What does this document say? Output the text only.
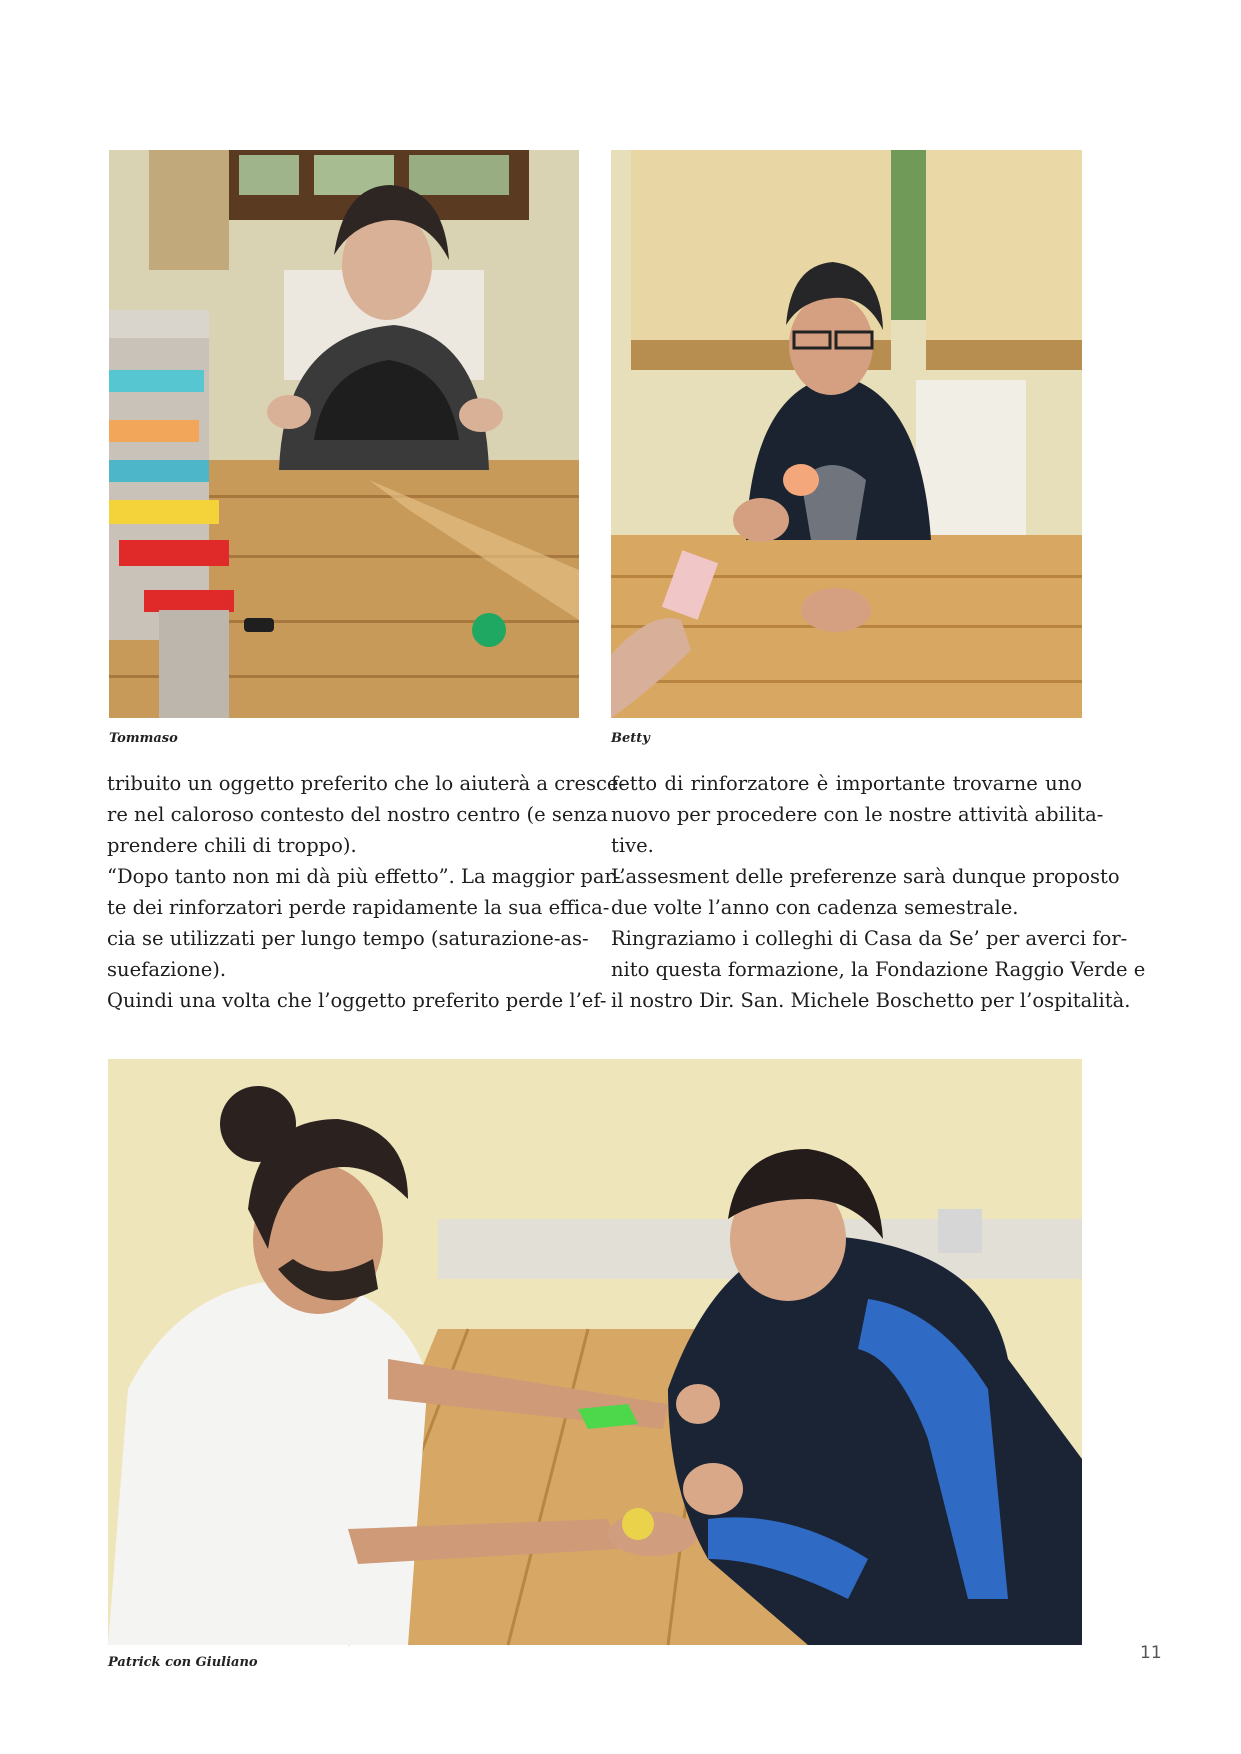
Tommaso	Betty
Patrick con Giuliano

tribuito un oggetto preferito che lo aiuterà a cresce-

re nel caloroso contesto del nostro centro (e senza

prendere chili di troppo).

“Dopo tanto non mi dà più effetto”. La maggior par-

te dei rinforzatori perde rapidamente la sua effica-

cia se utilizzati per lungo tempo (saturazione-as-

suefazione).

Quindi una volta che l’oggetto preferito perde l’ef-

fetto di rinforzatore è importante trovarne uno

nuovo per procedere con le nostre attività abilita-

tive.

L’assesment delle preferenze sarà dunque proposto

due volte l’anno con cadenza semestrale.

Ringraziamo i colleghi di Casa da Se’ per averci for-

nito questa formazione, la Fondazione Raggio Verde e

il nostro Dir. San. Michele Boschetto per l’ospitalità.

11
